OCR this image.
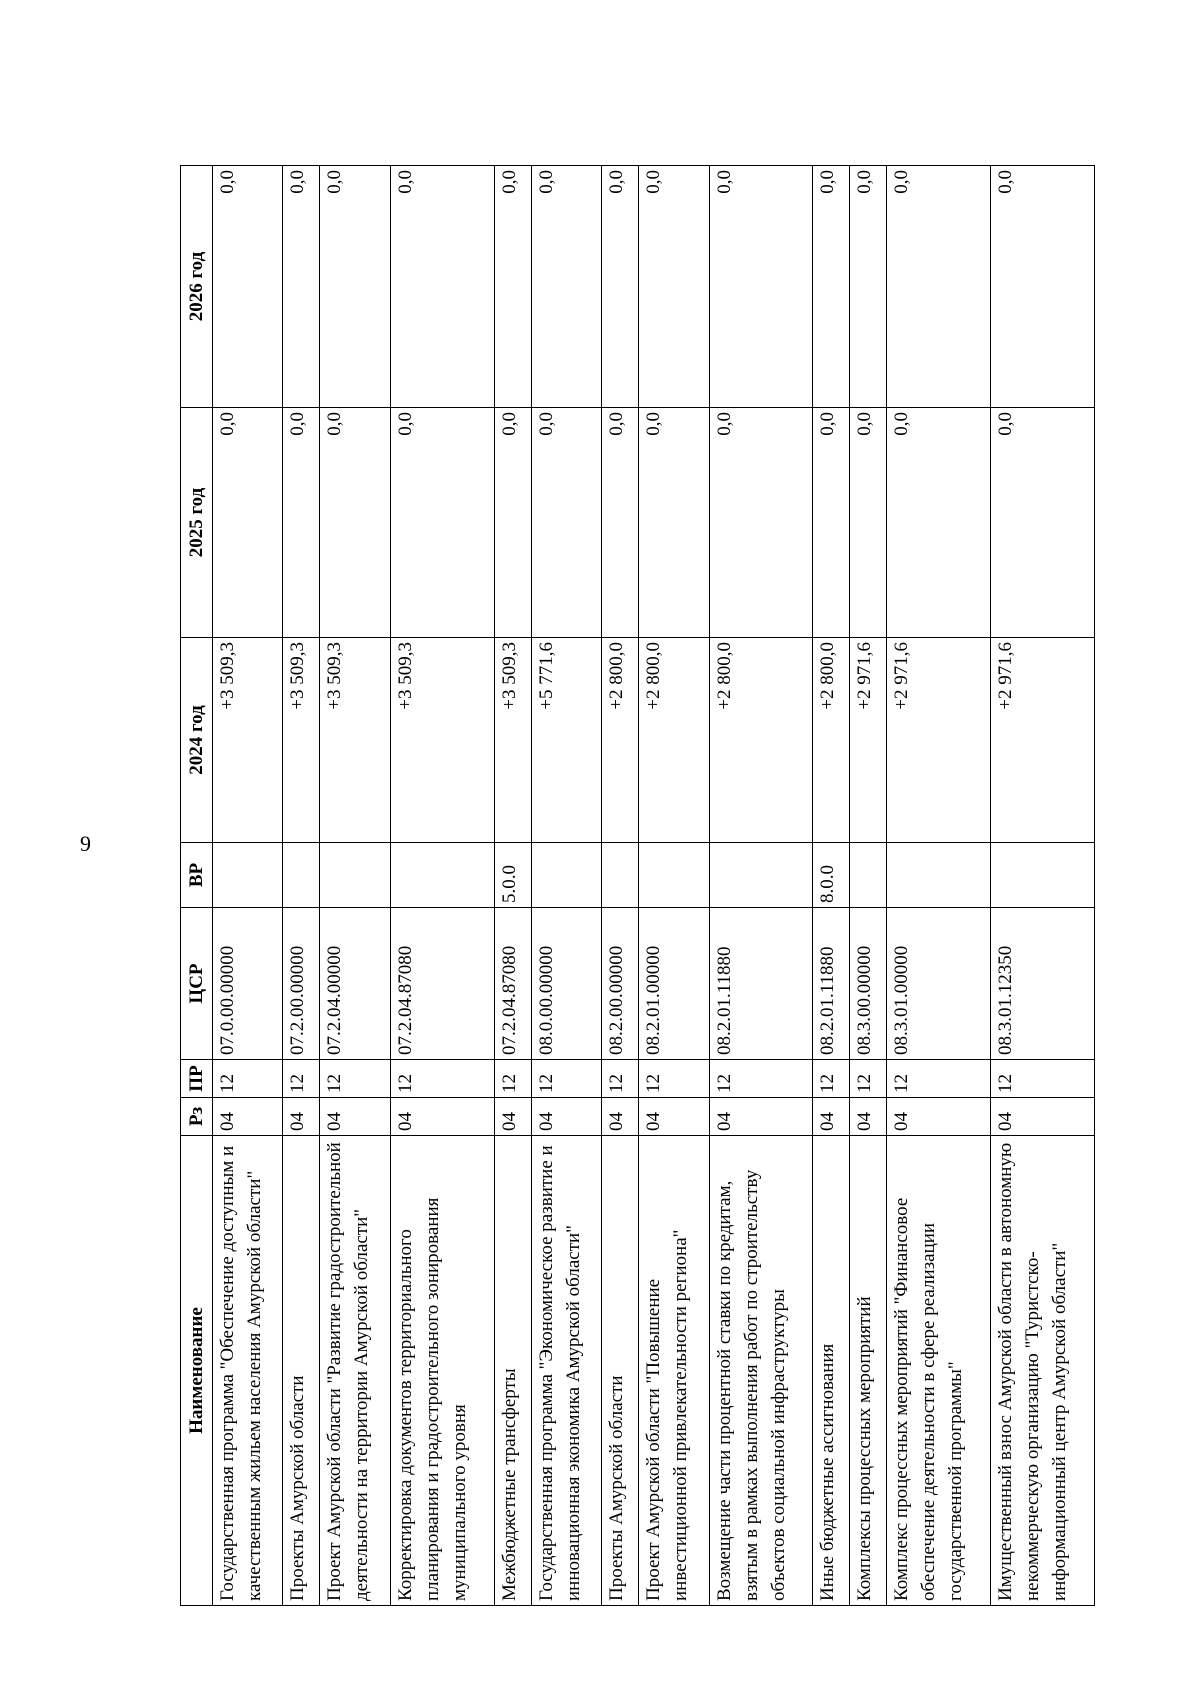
9
Наименование	Рз	ПР	ЦСР	ВР	2024 год	2025 год	2026 год
Государственная программа "Обеспечение доступным и качественным жильем населения Амурской области"	04	12	07.0.00.00000		+3 509,3	0,0	0,0
Проекты Амурской области	04	12	07.2.00.00000		+3 509,3	0,0	0,0
Проект Амурской области "Развитие градостроительной деятельности на территории Амурской области"	04	12	07.2.04.00000		+3 509,3	0,0	0,0
Корректировка документов территориального планирования и градостроительного зонирования муниципального уровня	04	12	07.2.04.87080		+3 509,3	0,0	0,0
Межбюджетные трансферты	04	12	07.2.04.87080	5.0.0	+3 509,3	0,0	0,0
Государственная программа "Экономическое развитие и инновационная экономика Амурской области"	04	12	08.0.00.00000		+5 771,6	0,0	0,0
Проекты Амурской области	04	12	08.2.00.00000		+2 800,0	0,0	0,0
Проект Амурской области "Повышение инвестиционной привлекательности региона"	04	12	08.2.01.00000		+2 800,0	0,0	0,0
Возмещение части процентной ставки по кредитам, взятым в рамках выполнения работ по строительству объектов социальной инфраструктуры	04	12	08.2.01.11880		+2 800,0	0,0	0,0
Иные бюджетные ассигнования	04	12	08.2.01.11880	8.0.0	+2 800,0	0,0	0,0
Комплексы процессных мероприятий	04	12	08.3.00.00000		+2 971,6	0,0	0,0
Комплекс процессных мероприятий "Финансовое обеспечение деятельности в сфере реализации государственной программы"	04	12	08.3.01.00000		+2 971,6	0,0	0,0
Имущественный взнос Амурской области в автономную некоммерческую организацию "Туристско-информационный центр Амурской области"	04	12	08.3.01.12350		+2 971,6	0,0	0,0
